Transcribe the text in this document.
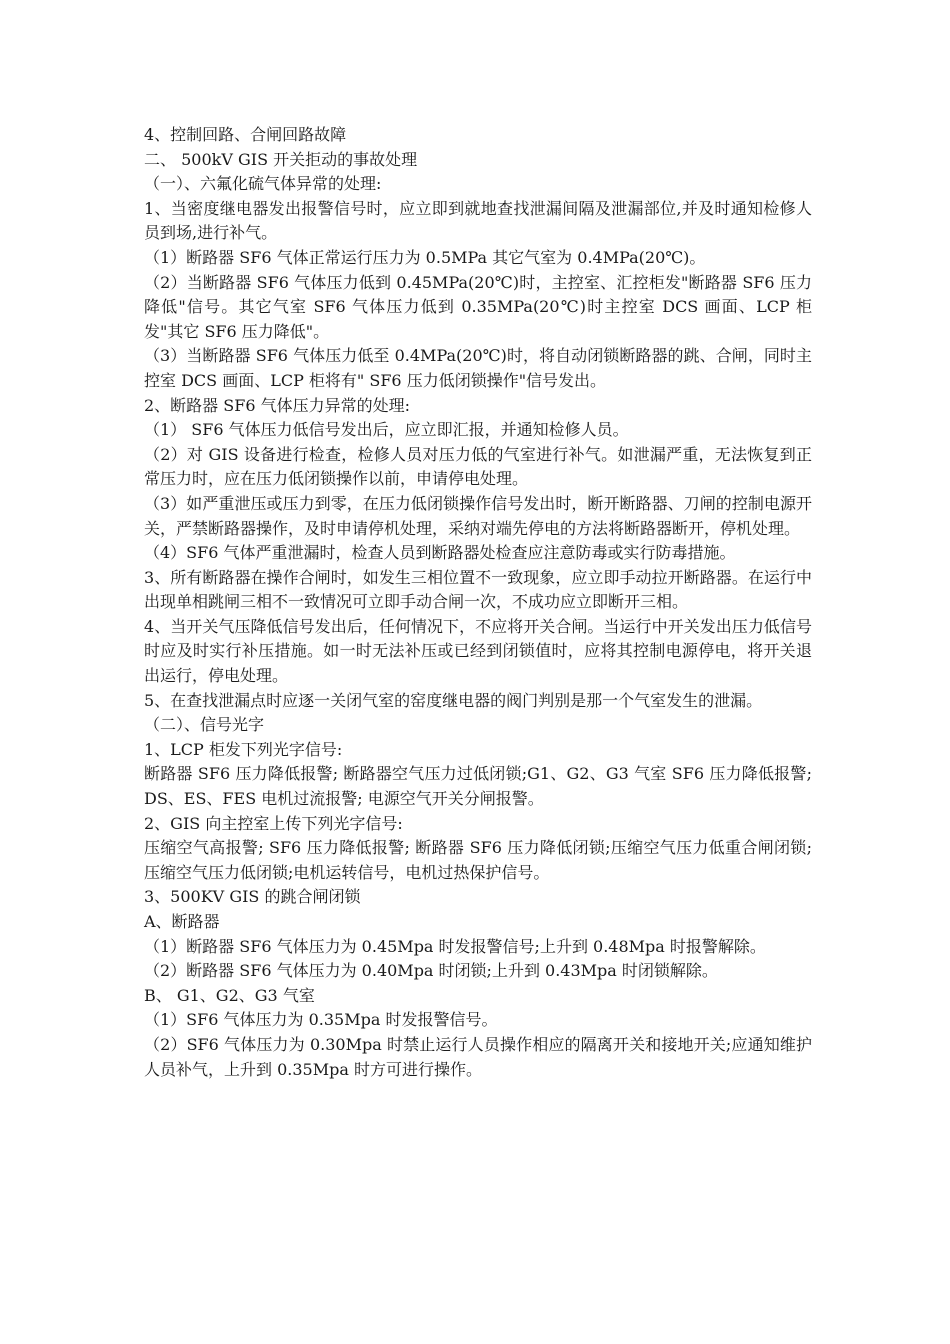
4、控制回路、合闸回路故障

二、 500kV GIS 开关拒动的事故处理

（一）、六氟化硫气体异常的处理:

1、当密度继电器发出报警信号时，应立即到就地查找泄漏间隔及泄漏部位,并及时通知检修人员到场,进行补气。

（1）断路器 SF6 气体正常运行压力为 0.5MPa 其它气室为 0.4MPa(20℃)。

（2）当断路器 SF6 气体压力低到 0.45MPa(20℃)时，主控室、汇控柜发"断路器 SF6 压力降低"信号。其它气室 SF6 气体压力低到 0.35MPa(20℃)时主控室 DCS 画面、LCP 柜发"其它 SF6 压力降低"。

（3）当断路器 SF6 气体压力低至 0.4MPa(20℃)时，将自动闭锁断路器的跳、合闸，同时主控室 DCS 画面、LCP 柜将有" SF6 压力低闭锁操作"信号发出。

2、断路器 SF6 气体压力异常的处理:

（1） SF6 气体压力低信号发出后，应立即汇报，并通知检修人员。

（2）对 GIS 设备进行检查，检修人员对压力低的气室进行补气。如泄漏严重，无法恢复到正常压力时，应在压力低闭锁操作以前，申请停电处理。

（3）如严重泄压或压力到零，在压力低闭锁操作信号发出时，断开断路器、刀闸的控制电源开关，严禁断路器操作，及时申请停机处理，采纳对端先停电的方法将断路器断开，停机处理。

（4）SF6 气体严重泄漏时，检查人员到断路器处检查应注意防毒或实行防毒措施。

3、所有断路器在操作合闸时，如发生三相位置不一致现象，应立即手动拉开断路器。在运行中出现单相跳闸三相不一致情况可立即手动合闸一次，不成功应立即断开三相。

4、当开关气压降低信号发出后，任何情况下，不应将开关合闸。当运行中开关发出压力低信号时应及时实行补压措施。如一时无法补压或已经到闭锁值时，应将其控制电源停电，将开关退出运行，停电处理。

5、在查找泄漏点时应逐一关闭气室的窑度继电器的阀门判别是那一个气室发生的泄漏。

（二）、信号光字

1、LCP 柜发下列光字信号:

断路器 SF6 压力降低报警; 断路器空气压力过低闭锁;G1、G2、G3 气室 SF6 压力降低报警;DS、ES、FES 电机过流报警; 电源空气开关分闸报警。

2、GIS 向主控室上传下列光字信号:

压缩空气高报警; SF6 压力降低报警; 断路器 SF6 压力降低闭锁;压缩空气压力低重合闸闭锁; 压缩空气压力低闭锁;电机运转信号，电机过热保护信号。

3、500KV GIS 的跳合闸闭锁

A、断路器

（1）断路器 SF6 气体压力为 0.45Mpa 时发报警信号;上升到 0.48Mpa 时报警解除。

（2）断路器 SF6 气体压力为 0.40Mpa 时闭锁;上升到 0.43Mpa 时闭锁解除。

B、 G1、G2、G3 气室

（1）SF6 气体压力为 0.35Mpa 时发报警信号。

（2）SF6 气体压力为 0.30Mpa 时禁止运行人员操作相应的隔离开关和接地开关;应通知维护人员补气，上升到 0.35Mpa 时方可进行操作。
